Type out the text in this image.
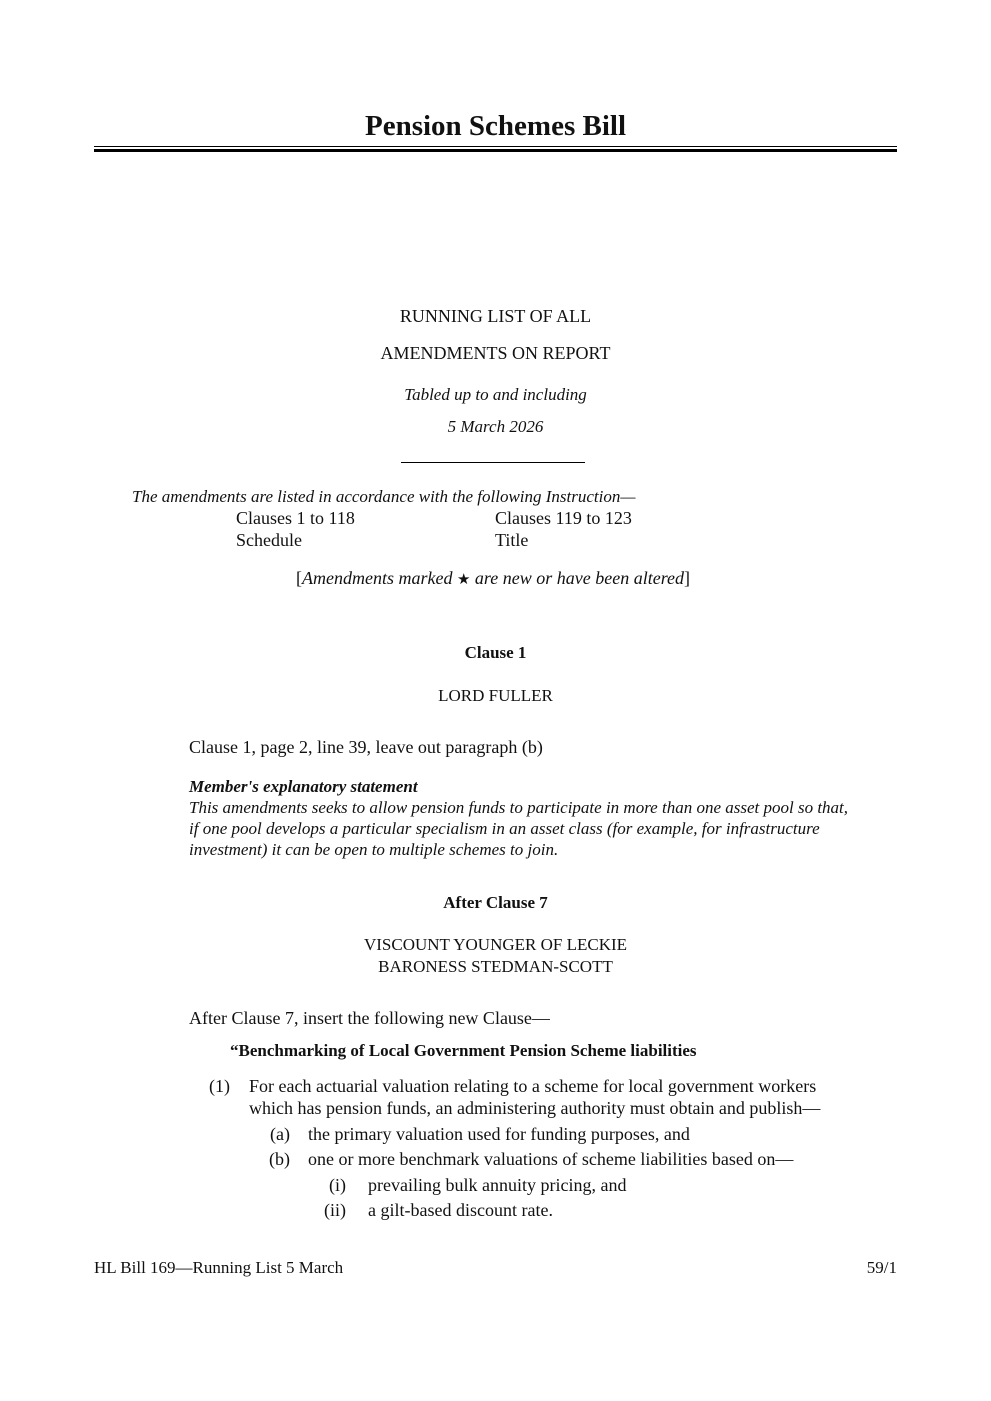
Pension Schemes Bill
RUNNING LIST OF ALL
AMENDMENTS ON REPORT
Tabled up to and including
5 March 2026
The amendments are listed in accordance with the following Instruction—
Clauses 1 to 118	Clauses 119 to 123
Schedule	Title
[Amendments marked ★ are new or have been altered]
Clause 1
LORD FULLER
Clause 1, page 2, line 39, leave out paragraph (b)
Member's explanatory statement
This amendments seeks to allow pension funds to participate in more than one asset pool so that,
if one pool develops a particular specialism in an asset class (for example, for infrastructure
investment) it can be open to multiple schemes to join.
After Clause 7
VISCOUNT YOUNGER OF LECKIE
BARONESS STEDMAN-SCOTT
After Clause 7, insert the following new Clause—
“Benchmarking of Local Government Pension Scheme liabilities
(1) For each actuarial valuation relating to a scheme for local government workers
which has pension funds, an administering authority must obtain and publish—
(a) the primary valuation used for funding purposes, and
(b) one or more benchmark valuations of scheme liabilities based on—
(i) prevailing bulk annuity pricing, and
(ii) a gilt-based discount rate.
HL Bill 169—Running List 5 March	59/1
